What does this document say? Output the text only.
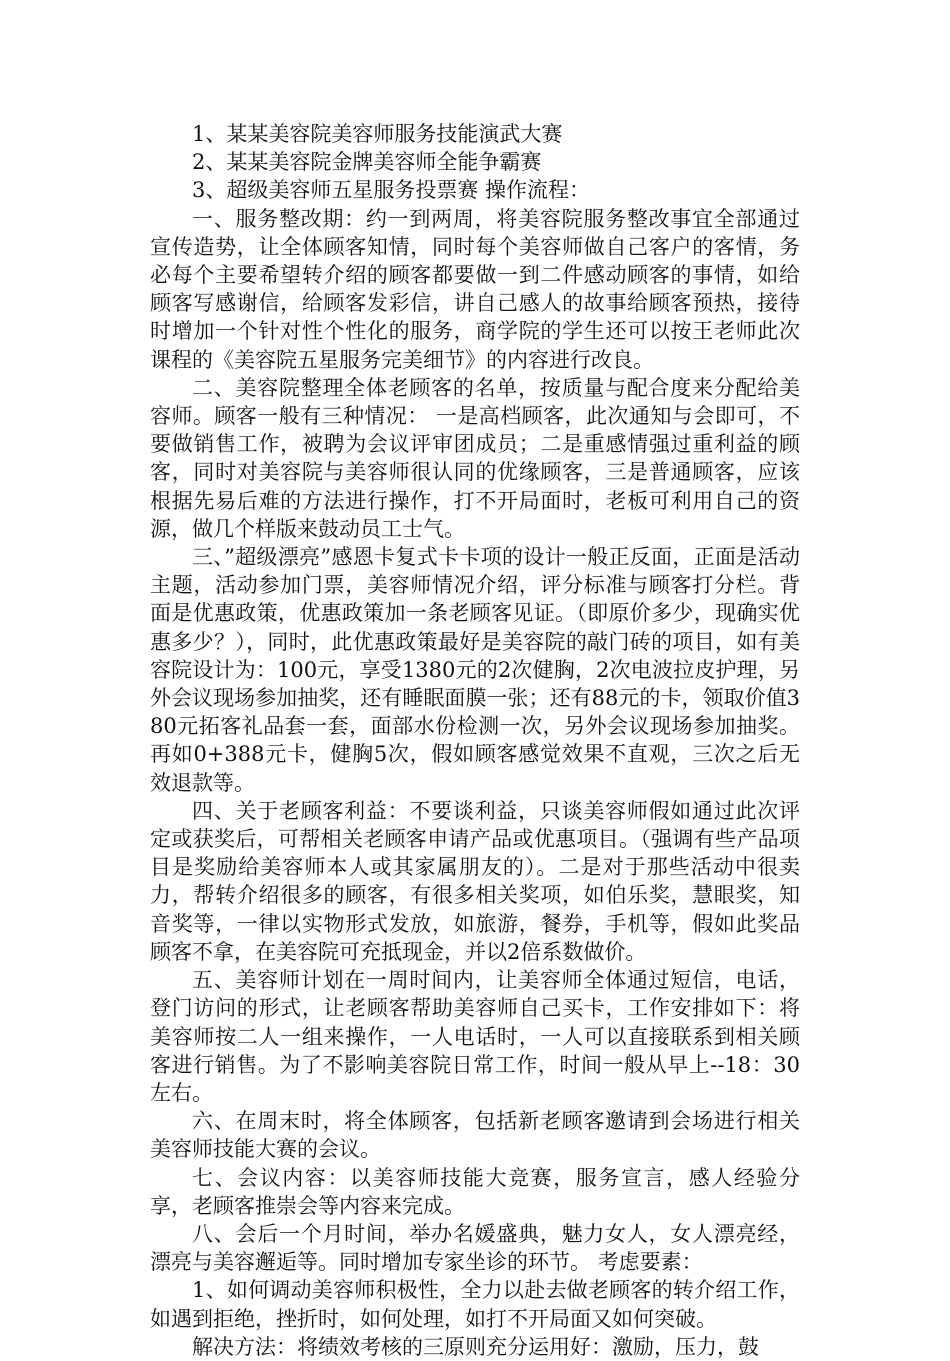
1、某某美容院美容师服务技能演武大赛

2、某某美容院金牌美容师全能争霸赛

3、超级美容师五星服务投票赛 操作流程：

一、服务整改期：约一到两周，将美容院服务整改事宜全部通过宣传造势，让全体顾客知情，同时每个美容师做自己客户的客情，务必每个主要希望转介绍的顾客都要做一到二件感动顾客的事情，如给顾客写感谢信，给顾客发彩信，讲自己感人的故事给顾客预热，接待时增加一个针对性个性化的服务，商学院的学生还可以按王老师此次课程的《美容院五星服务完美细节》的内容进行改良。

二、美容院整理全体老顾客的名单，按质量与配合度来分配给美容师。顾客一般有三种情况： 一是高档顾客，此次通知与会即可，不要做销售工作，被聘为会议评审团成员；二是重感情强过重利益的顾客，同时对美容院与美容师很认同的优缘顾客，三是普通顾客，应该根据先易后难的方法进行操作，打不开局面时，老板可利用自己的资源，做几个样版来鼓动员工士气。

三、”超级漂亮”感恩卡复式卡卡项的设计一般正反面，正面是活动主题，活动参加门票，美容师情况介绍，评分标准与顾客打分栏。背面是优惠政策，优惠政策加一条老顾客见证。（即原价多少，现确实优惠多少？），同时，此优惠政策最好是美容院的敲门砖的项目，如有美容院设计为：100元，享受1380元的2次健胸，2次电波拉皮护理，另外会议现场参加抽奖，还有睡眠面膜一张；还有88元的卡，领取价值380元拓客礼品套一套，面部水份检测一次，另外会议现场参加抽奖。再如0+388元卡，健胸5次，假如顾客感觉效果不直观，三次之后无效退款等。

四、关于老顾客利益：不要谈利益，只谈美容师假如通过此次评定或获奖后，可帮相关老顾客申请产品或优惠项目。（强调有些产品项目是奖励给美容师本人或其家属朋友的）。二是对于那些活动中很卖力，帮转介绍很多的顾客，有很多相关奖项，如伯乐奖，慧眼奖，知音奖等，一律以实物形式发放，如旅游，餐券，手机等，假如此奖品顾客不拿，在美容院可充抵现金，并以2倍系数做价。

五、美容师计划在一周时间内，让美容师全体通过短信，电话，登门访问的形式，让老顾客帮助美容师自己买卡，工作安排如下：将美容师按二人一组来操作，一人电话时，一人可以直接联系到相关顾客进行销售。为了不影响美容院日常工作，时间一般从早上--18：30左右。

六、在周末时，将全体顾客，包括新老顾客邀请到会场进行相关美容师技能大赛的会议。

七、会议内容：以美容师技能大竞赛，服务宣言，感人经验分享，老顾客推崇会等内容来完成。

八、会后一个月时间，举办名媛盛典，魅力女人，女人漂亮经，漂亮与美容邂逅等。同时增加专家坐诊的环节。 考虑要素：

1、如何调动美容师积极性，全力以赴去做老顾客的转介绍工作，如遇到拒绝，挫折时，如何处理，如打不开局面又如何突破。

解决方法：将绩效考核的三原则充分运用好：激励，压力，鼓
